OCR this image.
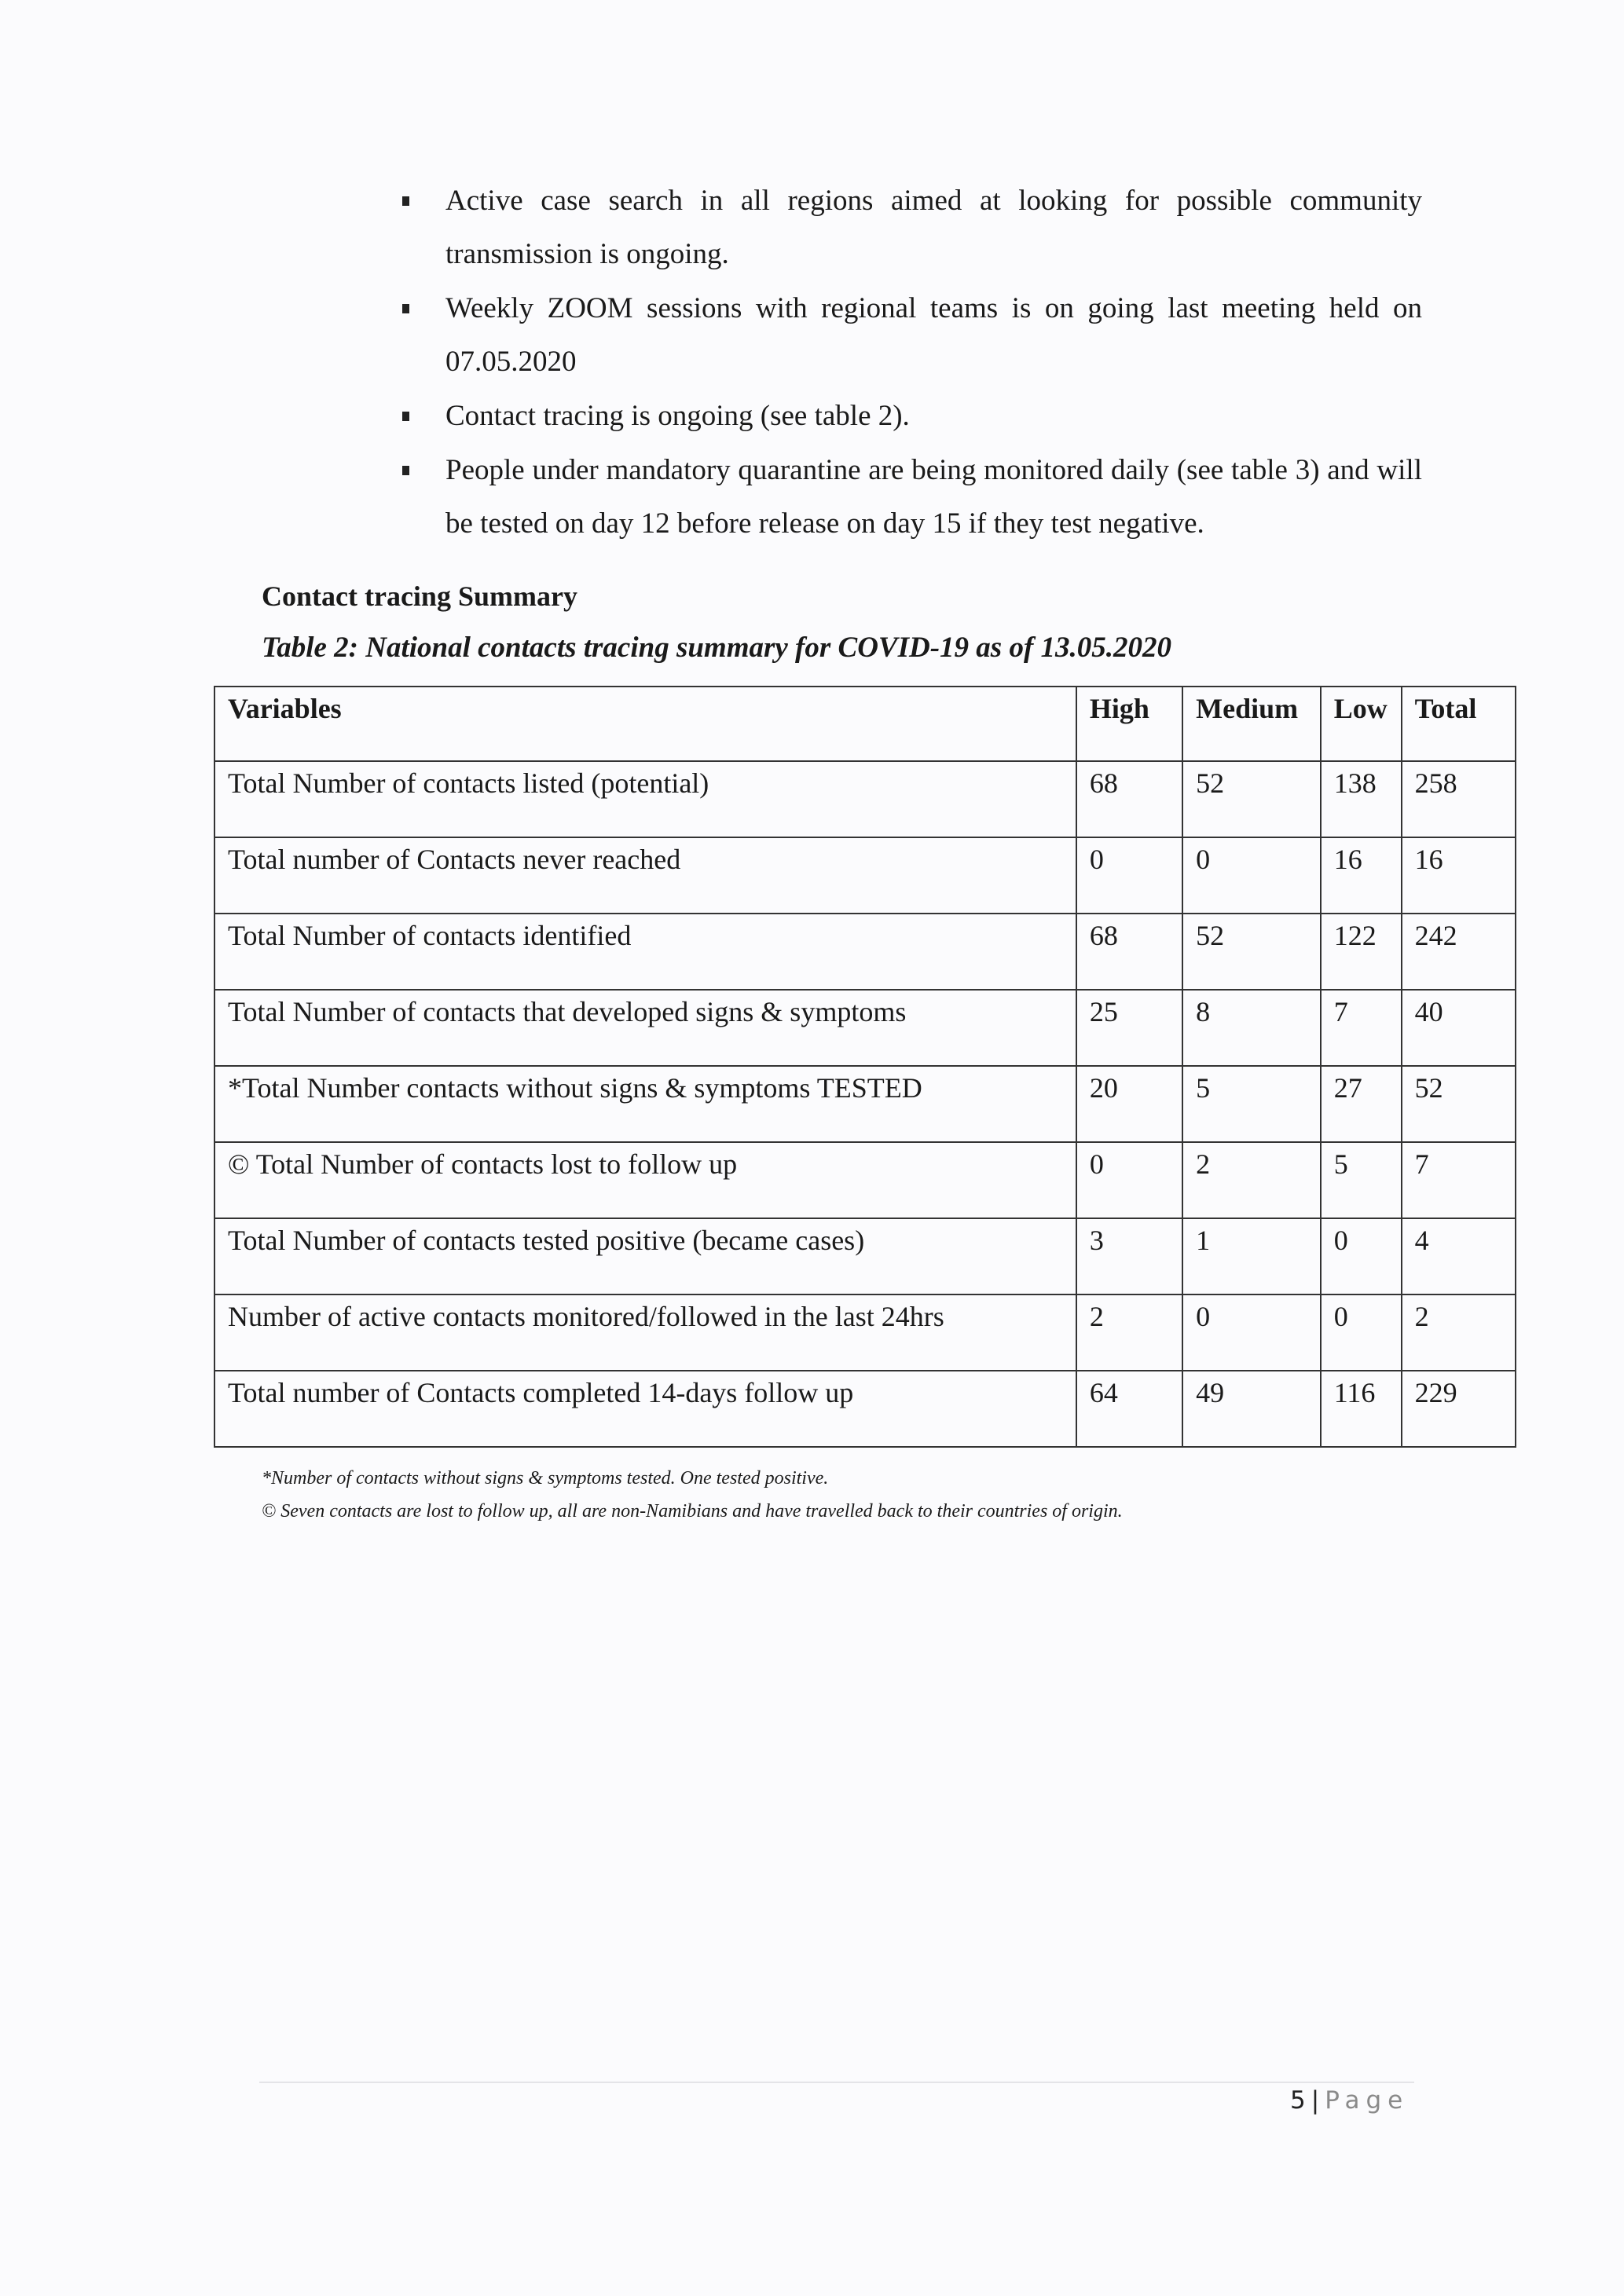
Active case search in all regions aimed at looking for possible community transmission is ongoing.
Weekly ZOOM sessions with regional teams is on going last meeting held on 07.05.2020
Contact tracing is ongoing (see table 2).
People under mandatory quarantine are being monitored daily (see table 3) and will be tested on day 12 before release on day 15 if they test negative.
Contact tracing Summary
Table 2: National contacts tracing summary for COVID-19 as of 13.05.2020
Variables	High	Medium	Low	Total
Total Number of contacts listed (potential)	68	52	138	258
Total number of Contacts never reached	0	0	16	16
Total Number of contacts identified	68	52	122	242
Total Number of contacts that developed signs & symptoms	25	8	7	40
*Total Number contacts without signs & symptoms TESTED	20	5	27	52
© Total Number of contacts lost to follow up	0	2	5	7
Total Number of contacts tested positive (became cases)	3	1	0	4
Number of active contacts monitored/followed in the last 24hrs	2	0	0	2
Total number of Contacts completed 14-days follow up	64	49	116	229

*Number of contacts without signs & symptoms tested. One tested positive.

© Seven contacts are lost to follow up, all are non-Namibians and have travelled back to their countries of origin.

5 | Page
